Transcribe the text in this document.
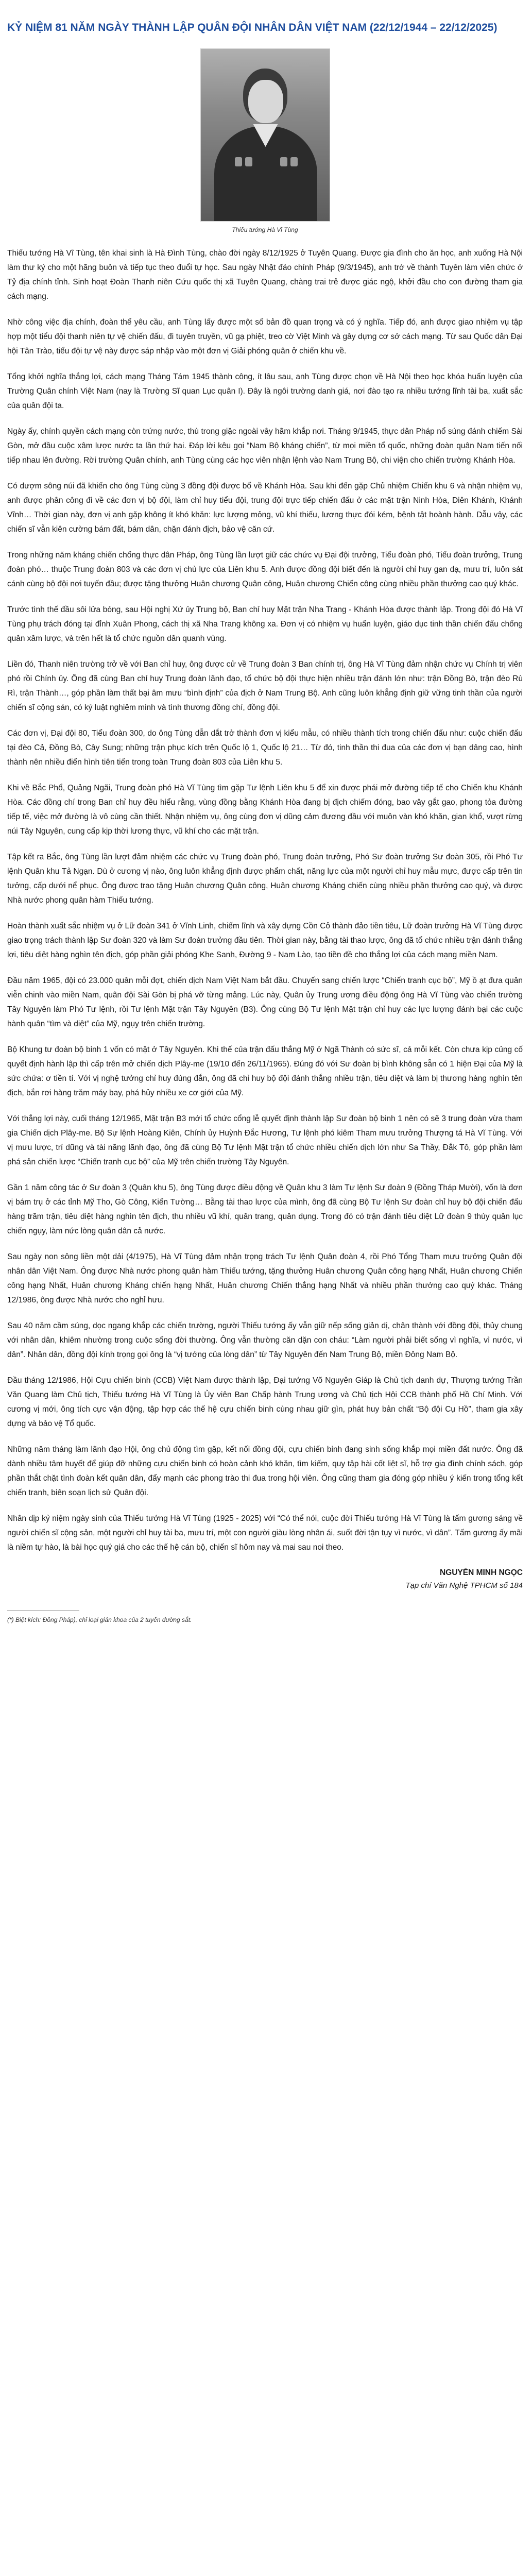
KỶ NIỆM 81 NĂM NGÀY THÀNH LẬP QUÂN ĐỘI NHÂN DÂN VIỆT NAM (22/12/1944 – 22/12/2025)
Thiếu tướng Hà Vĩ Tùng

Thiếu tướng Hà Vĩ Tùng, tên khai sinh là Hà Đình Tùng, chào đời ngày 8/12/1925 ở Tuyên Quang. Được gia đình cho ăn học, anh xuống Hà Nội làm thư ký cho một hãng buôn và tiếp tục theo đuổi tự học. Sau ngày Nhật đảo chính Pháp (9/3/1945), anh trở về thành Tuyên làm viên chức ở Tỷ địa chính tỉnh. Sinh hoạt Đoàn Thanh niên Cứu quốc thị xã Tuyên Quang, chàng trai trẻ được giác ngộ, khởi đầu cho con đường tham gia cách mạng.

Nhờ công việc địa chính, đoàn thể yêu cầu, anh Tùng lấy được một số bản đồ quan trọng và có ý nghĩa. Tiếp đó, anh được giao nhiệm vụ tập hợp một tiểu đội thanh niên tự vệ chiến đấu, đi tuyên truyền, vũ gạ phiệt, treo cờ Việt Minh và gây dựng cơ sở cách mạng. Từ sau Quốc dân Đại hội Tân Trào, tiểu đội tự vệ này được sáp nhập vào một đơn vị Giải phóng quân ở chiến khu về.

Tổng khởi nghĩa thắng lợi, cách mạng Tháng Tám 1945 thành công, ít lâu sau, anh Tùng được chọn về Hà Nội theo học khóa huấn luyện của Trường Quân chính Việt Nam (nay là Trường Sĩ quan Lục quân I). Đây là ngôi trường danh giá, nơi đào tạo ra nhiều tướng lĩnh tài ba, xuất sắc của quân đội ta.

Ngày ấy, chính quyền cách mạng còn trứng nước, thù trong giặc ngoài vây hãm khắp nơi. Tháng 9/1945, thực dân Pháp nổ súng đánh chiếm Sài Gòn, mở đầu cuộc xâm lược nước ta lần thứ hai. Đáp lời kêu gọi “Nam Bộ kháng chiến”, từ mọi miền tổ quốc, những đoàn quân Nam tiến nối tiếp nhau lên đường. Rời trường Quân chính, anh Tùng cùng các học viên nhận lệnh vào Nam Trung Bộ, chi viện cho chiến trường Khánh Hòa.

Có dượm sông núi đã khiến cho ông Tùng cùng 3 đồng đội được bổ về Khánh Hòa. Sau khi đến gặp Chủ nhiệm Chiến khu 6 và nhận nhiệm vụ, anh được phân công đi về các đơn vị bộ đội, làm chỉ huy tiểu đội, trung đội trực tiếp chiến đấu ở các mặt trận Ninh Hòa, Diên Khánh, Khánh Vĩnh… Thời gian này, đơn vị anh gặp không ít khó khăn: lực lượng mỏng, vũ khí thiếu, lương thực đói kém, bệnh tật hoành hành. Dẫu vậy, các chiến sĩ vẫn kiên cường bám đất, bám dân, chặn đánh địch, bảo vệ căn cứ.

Trong những năm kháng chiến chống thực dân Pháp, ông Tùng lần lượt giữ các chức vụ Đại đội trưởng, Tiểu đoàn phó, Tiểu đoàn trưởng, Trung đoàn phó… thuộc Trung đoàn 803 và các đơn vị chủ lực của Liên khu 5. Anh được đồng đội biết đến là người chỉ huy gan dạ, mưu trí, luôn sát cánh cùng bộ đội nơi tuyến đầu; được tặng thưởng Huân chương Quân công, Huân chương Chiến công cùng nhiều phần thưởng cao quý khác.

Trước tình thế đầu sôi lửa bỏng, sau Hội nghị Xứ ủy Trung bộ, Ban chỉ huy Mặt trận Nha Trang - Khánh Hòa được thành lập. Trong đội đó Hà Vĩ Tùng phụ trách đóng tại đỉnh Xuân Phong, cách thị xã Nha Trang không xa. Đơn vị có nhiệm vụ huấn luyện, giáo dục tinh thần chiến đấu chống quân xâm lược, và trên hết là tổ chức nguồn dân quanh vùng.

Liền đó, Thanh niên trường trở về với Ban chỉ huy, ông được cử về Trung đoàn 3 Ban chính trị, ông Hà Vĩ Tùng đảm nhận chức vụ Chính trị viên phó rồi Chính ủy. Ông đã cùng Ban chỉ huy Trung đoàn lãnh đạo, tổ chức bộ đội thực hiện nhiều trận đánh lớn như: trận Đồng Bò, trận đèo Rù Rì, trận Thành…, góp phần làm thất bại âm mưu “bình định” của địch ở Nam Trung Bộ. Anh cũng luôn khẳng định giữ vững tinh thần của người chiến sĩ cộng sản, có kỷ luật nghiêm minh và tình thương đồng chí, đồng đội.

Các đơn vị, Đại đội 80, Tiểu đoàn 300, do ông Tùng dẫn dắt trở thành đơn vị kiểu mẫu, có nhiều thành tích trong chiến đấu như: cuộc chiến đấu tại đèo Cả, Đồng Bò, Cây Sung; những trận phục kích trên Quốc lộ 1, Quốc lộ 21… Từ đó, tinh thần thi đua của các đơn vị bạn dâng cao, hình thành nên nhiều điển hình tiên tiến trong toàn Trung đoàn 803 của Liên khu 5.

Khi về Bắc Phổ, Quảng Ngãi, Trung đoàn phó Hà Vĩ Tùng tìm gặp Tư lệnh Liên khu 5 để xin được phái mở đường tiếp tế cho Chiến khu Khánh Hòa. Các đồng chí trong Ban chỉ huy đều hiểu rằng, vùng đồng bằng Khánh Hòa đang bị địch chiếm đóng, bao vây gắt gao, phong tỏa đường tiếp tế, việc mở đường là vô cùng cần thiết. Nhận nhiệm vụ, ông cùng đơn vị dũng cảm đương đầu với muôn vàn khó khăn, gian khổ, vượt rừng núi Tây Nguyên, cung cấp kịp thời lương thực, vũ khí cho các mặt trận.

Tập kết ra Bắc, ông Tùng lần lượt đảm nhiệm các chức vụ Trung đoàn phó, Trung đoàn trưởng, Phó Sư đoàn trưởng Sư đoàn 305, rồi Phó Tư lệnh Quân khu Tả Ngạn. Dù ở cương vị nào, ông luôn khẳng định được phẩm chất, năng lực của một người chỉ huy mẫu mực, được cấp trên tin tưởng, cấp dưới nể phục. Ông được trao tặng Huân chương Quân công, Huân chương Kháng chiến cùng nhiều phần thưởng cao quý, và được Nhà nước phong quân hàm Thiếu tướng.

Hoàn thành xuất sắc nhiệm vụ ở Lữ đoàn 341 ở Vĩnh Linh, chiếm lĩnh và xây dựng Cồn Cỏ thành đảo tiền tiêu, Lữ đoàn trưởng Hà Vĩ Tùng được giao trọng trách thành lập Sư đoàn 320 và làm Sư đoàn trưởng đầu tiên. Thời gian này, bằng tài thao lược, ông đã tổ chức nhiều trận đánh thắng lợi, tiêu diệt hàng nghìn tên địch, góp phần giải phóng Khe Sanh, Đường 9 - Nam Lào, tạo tiền đề cho thắng lợi của cách mạng miền Nam.

Đầu năm 1965, đội có 23.000 quân mỗi đợt, chiến dịch Nam Việt Nam bắt đầu. Chuyến sang chiến lược “Chiến tranh cục bộ”, Mỹ ồ ạt đưa quân viễn chinh vào miền Nam, quân đội Sài Gòn bị phá vỡ từng mảng. Lúc này, Quân ủy Trung ương điều động ông Hà Vĩ Tùng vào chiến trường Tây Nguyên làm Phó Tư lệnh, rồi Tư lệnh Mặt trận Tây Nguyên (B3). Ông cùng Bộ Tư lệnh Mặt trận chỉ huy các lực lượng đánh bại các cuộc hành quân “tìm và diệt” của Mỹ, ngụy trên chiến trường.

Bộ Khung tư đoàn bộ binh 1 vốn có mặt ở Tây Nguyên. Khi thế của trận đấu thắng Mỹ ở Ngã Thành có sức sĩ, cả mỗi kết. Còn chưa kịp củng cố quyết định hành lập thì cấp trên mở chiến dịch Plây-me (19/10 đến 26/11/1965). Đúng đó với Sư đoàn bị bình không sẵn có 1 hiện Đại của Mỹ là sức chứa: ơ tiền tí. Với vị nghệ tưởng chỉ huy đúng đắn, ông đã chỉ huy bộ đội đánh thắng nhiều trận, tiêu diệt và làm bị thương hàng nghìn tên địch, bắn rơi hàng trăm máy bay, phá hủy nhiều xe cơ giới của Mỹ.

Với thắng lợi này, cuối tháng 12/1965, Mặt trận B3 mới tổ chức cổng lễ quyết định thành lập Sư đoàn bộ binh 1 nên có sẽ 3 trung đoàn vừa tham gia Chiến dịch Plây-me. Bộ Sự lệnh Hoàng Kiên, Chính ủy Huỳnh Đắc Hương, Tư lệnh phó kiêm Tham mưu trưởng Thượng tá Hà Vĩ Tùng. Với vị mưu lược, trí dũng và tài năng lãnh đạo, ông đã cùng Bộ Tư lệnh Mặt trận tổ chức nhiều chiến dịch lớn như Sa Thầy, Đắk Tô, góp phần làm phá sản chiến lược “Chiến tranh cục bộ” của Mỹ trên chiến trường Tây Nguyên.

Gần 1 năm công tác ở Sư đoàn 3 (Quân khu 5), ông Tùng được điều động về Quân khu 3 làm Tư lệnh Sư đoàn 9 (Đồng Tháp Mười), vốn là đơn vị bám trụ ở các tỉnh Mỹ Tho, Gò Công, Kiến Tường… Bằng tài thao lược của mình, ông đã cùng Bộ Tư lệnh Sư đoàn chỉ huy bộ đội chiến đấu hàng trăm trận, tiêu diệt hàng nghìn tên địch, thu nhiều vũ khí, quân trang, quân dụng. Trong đó có trận đánh tiêu diệt Lữ đoàn 9 thủy quân lục chiến ngụy, làm nức lòng quân dân cả nước.

Sau ngày non sông liền một dải (4/1975), Hà Vĩ Tùng đảm nhận trọng trách Tư lệnh Quân đoàn 4, rồi Phó Tổng Tham mưu trưởng Quân đội nhân dân Việt Nam. Ông được Nhà nước phong quân hàm Thiếu tướng, tặng thưởng Huân chương Quân công hạng Nhất, Huân chương Chiến công hạng Nhất, Huân chương Kháng chiến hạng Nhất, Huân chương Chiến thắng hạng Nhất và nhiều phần thưởng cao quý khác. Tháng 12/1986, ông được Nhà nước cho nghỉ hưu.

Sau 40 năm cầm súng, dọc ngang khắp các chiến trường, người Thiếu tướng ấy vẫn giữ nếp sống giản dị, chân thành với đồng đội, thủy chung với nhân dân, khiêm nhường trong cuộc sống đời thường. Ông vẫn thường căn dặn con cháu: “Làm người phải biết sống vì nghĩa, vì nước, vì dân”. Nhân dân, đồng đội kính trọng gọi ông là “vị tướng của lòng dân” từ Tây Nguyên đến Nam Trung Bộ, miền Đông Nam Bộ.

Đầu tháng 12/1986, Hội Cựu chiến binh (CCB) Việt Nam được thành lập, Đại tướng Võ Nguyên Giáp là Chủ tịch danh dự, Thượng tướng Trần Văn Quang làm Chủ tịch, Thiếu tướng Hà Vĩ Tùng là Ủy viên Ban Chấp hành Trung ương và Chủ tịch Hội CCB thành phố Hồ Chí Minh. Với cương vị mới, ông tích cực vận động, tập hợp các thế hệ cựu chiến binh cùng nhau giữ gìn, phát huy bản chất “Bộ đội Cụ Hồ”, tham gia xây dựng và bảo vệ Tổ quốc.

Những năm tháng làm lãnh đạo Hội, ông chủ động tìm gặp, kết nối đồng đội, cựu chiến binh đang sinh sống khắp mọi miền đất nước. Ông đã dành nhiều tâm huyết để giúp đỡ những cựu chiến binh có hoàn cảnh khó khăn, tìm kiếm, quy tập hài cốt liệt sĩ, hỗ trợ gia đình chính sách, góp phần thắt chặt tình đoàn kết quân dân, đẩy mạnh các phong trào thi đua trong hội viên. Ông cũng tham gia đóng góp nhiều ý kiến trong tổng kết chiến tranh, biên soạn lịch sử Quân đội.

Nhân dịp kỷ niệm ngày sinh của Thiếu tướng Hà Vĩ Tùng (1925 - 2025) với “Có thể nói, cuộc đời Thiếu tướng Hà Vĩ Tùng là tấm gương sáng về người chiến sĩ cộng sản, một người chỉ huy tài ba, mưu trí, một con người giàu lòng nhân ái, suốt đời tận tụy vì nước, vì dân”. Tấm gương ấy mãi là niềm tự hào, là bài học quý giá cho các thế hệ cán bộ, chiến sĩ hôm nay và mai sau noi theo.

NGUYỄN MINH NGỌC
Tạp chí Văn Nghệ TPHCM số 184
(*) Biệt kích: Đồng Pháp), chỉ loại gián khoa của 2 tuyến đường sắt.
